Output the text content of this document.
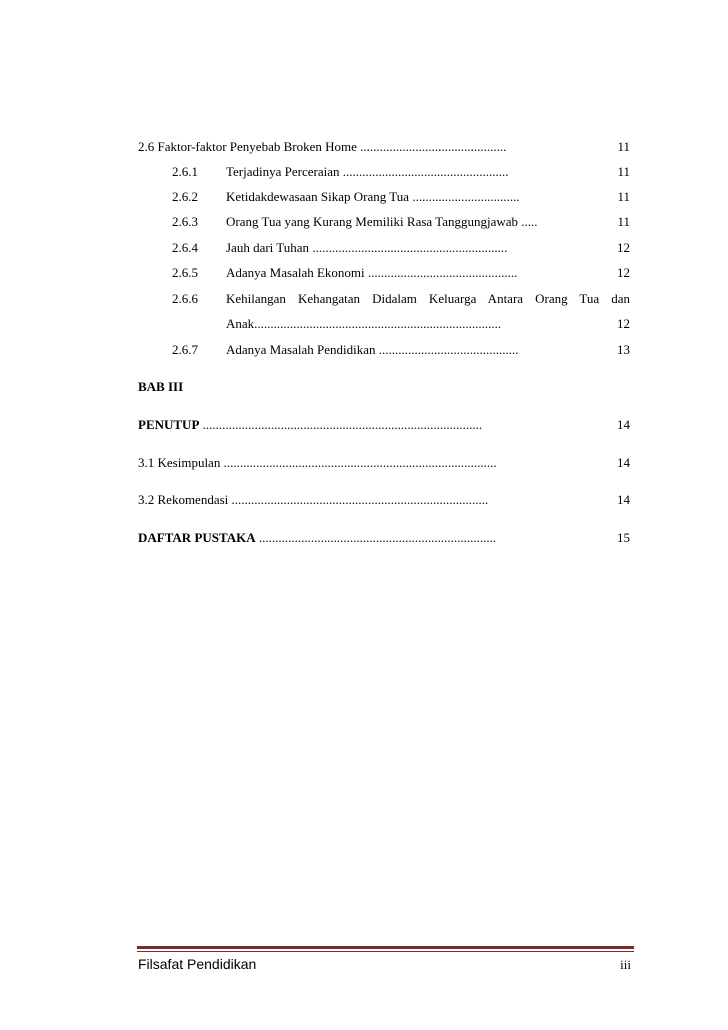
2.6 Faktor-faktor Penyebab Broken Home .............................................	11
2.6.1 Terjadinya Perceraian ...................................................	11
2.6.2 Ketidakdewasaan Sikap Orang Tua .................................	11
2.6.3 Orang Tua yang Kurang Memiliki Rasa Tanggungjawab .....	11
2.6.4 Jauh dari Tuhan ............................................................	12
2.6.5 Adanya Masalah Ekonomi ..............................................	12
2.6.6 Kehilangan Kehangatan Didalam Keluarga Antara Orang Tua dan
Anak............................................................................	12
2.6.7 Adanya Masalah Pendidikan ...........................................	13
BAB III
PENUTUP ......................................................................................	14
3.1 Kesimpulan ....................................................................................	14
3.2 Rekomendasi ...............................................................................	14
DAFTAR PUSTAKA .........................................................................	15
Filsafat Pendidikan	iii
